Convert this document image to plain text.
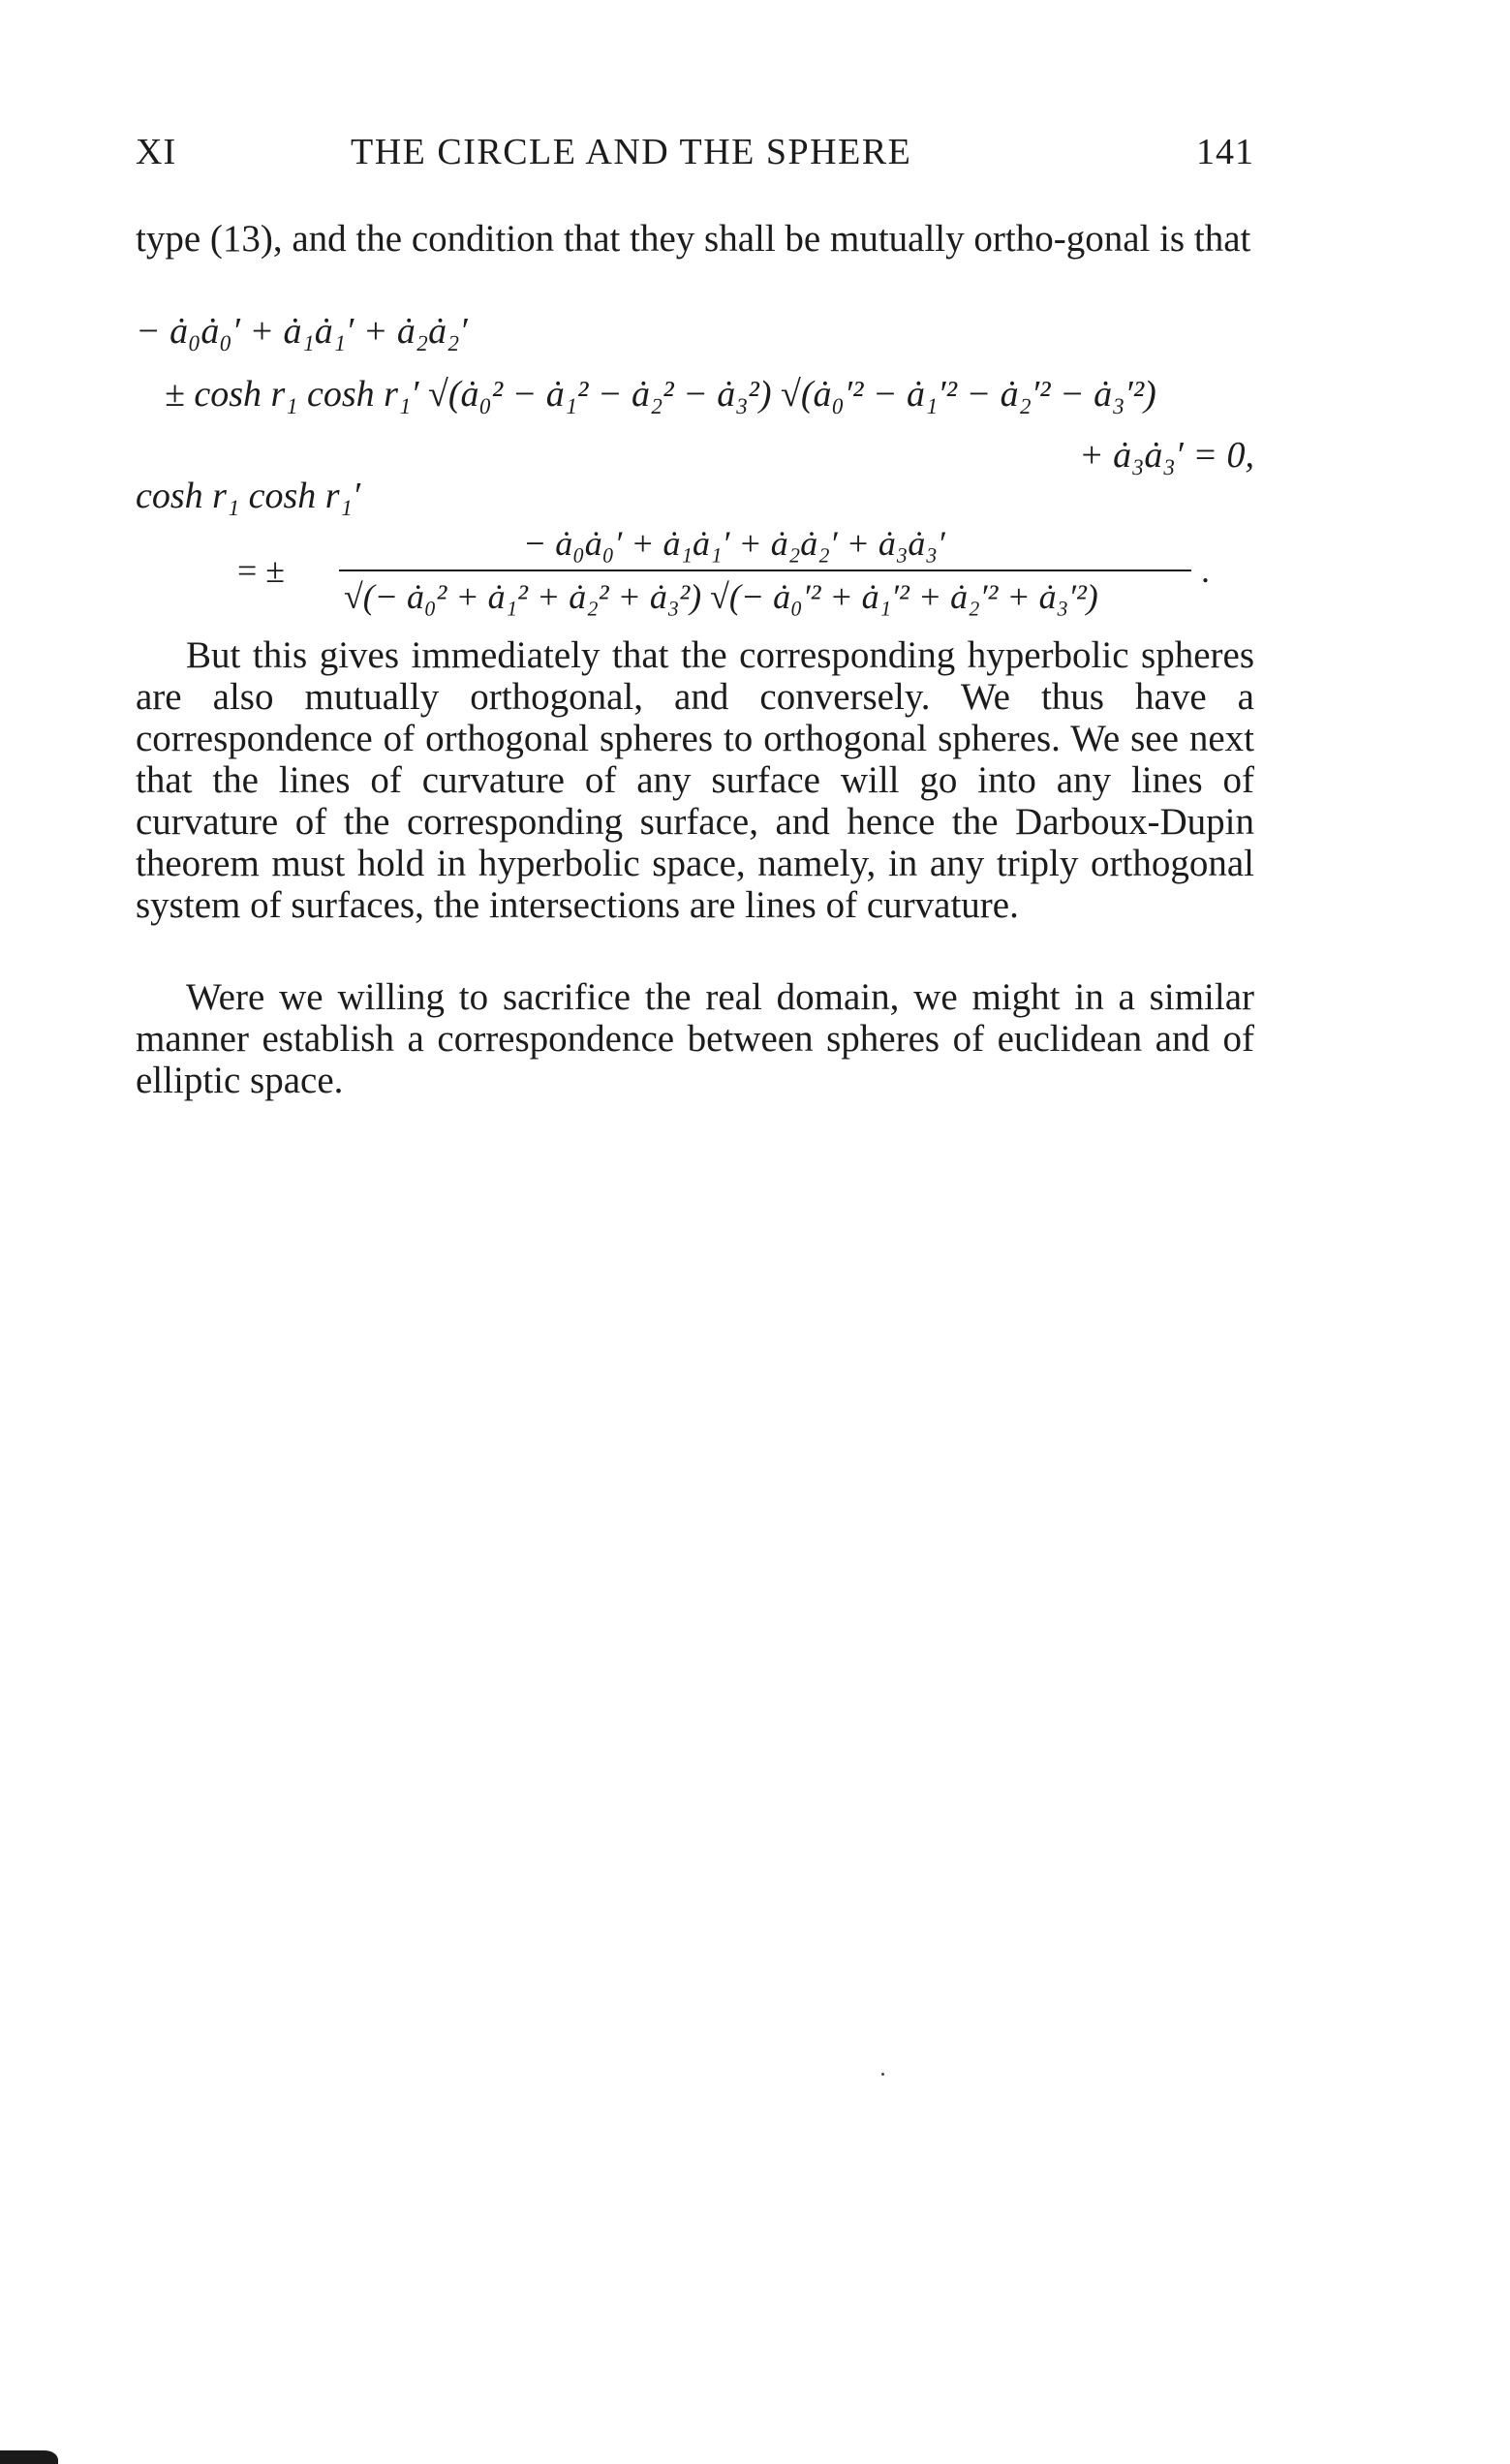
XI	THE CIRCLE AND THE SPHERE	141
type (13), and the condition that they shall be mutually ortho-gonal is that
− ȧ₀ȧ₀′ + ȧ₁ȧ₁′ + ȧ₂ȧ₂′
± cosh r₁ cosh r₁′ √(ȧ₀² − ȧ₁² − ȧ₂² − ȧ₃²) √(ȧ₀′² − ȧ₁′² − ȧ₂′² − ȧ₃′²)
+ ȧ₃ȧ₃′ = 0,
cosh r₁ cosh r₁′
= ±
− ȧ₀ȧ₀′ + ȧ₁ȧ₁′ + ȧ₂ȧ₂′ + ȧ₃ȧ₃′
√(− ȧ₀² + ȧ₁² + ȧ₂² + ȧ₃²) √(− ȧ₀′² + ȧ₁′² + ȧ₂′² + ȧ₃′²)
.
But this gives immediately that the corresponding hyperbolic spheres are also mutually orthogonal, and conversely. We thus have a correspondence of orthogonal spheres to orthogonal spheres. We see next that the lines of curvature of any surface will go into any lines of curvature of the corresponding surface, and hence the Darboux-Dupin theorem must hold in hyperbolic space, namely, in any triply orthogonal system of surfaces, the intersections are lines of curvature.
Were we willing to sacrifice the real domain, we might in a similar manner establish a correspondence between spheres of euclidean and of elliptic space.
